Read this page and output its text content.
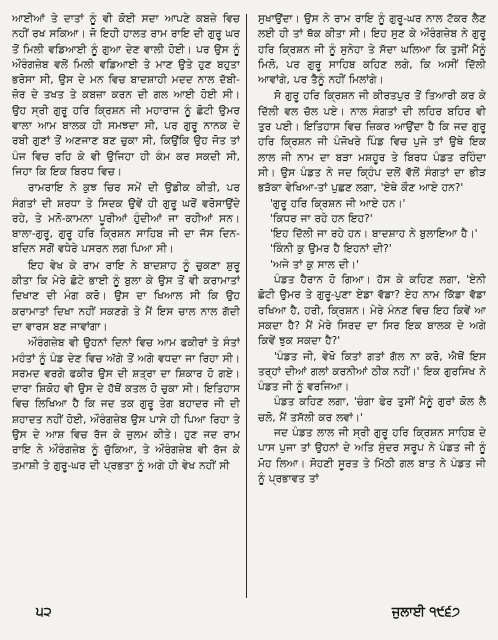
ਆਈਆਂ ਤੇ ਦਾਤਾਂ ਨੂੰ ਵੀ ਕੋਈ ਸਦਾ ਆਪਣੇ ਕਬਜ਼ੇ ਵਿਚ ਨਹੀਂ ਰਖ ਸਕਿਆ। ਜੋ ਇਹੀ ਹਾਲਤ ਰਾਮ ਰਾਇ ਦੀ ਗੁਰੂ ਘਰ ਤੋਂ ਮਿਲੀ ਵਡਿਆਈ ਨੂੰ ਗੁਆ ਦੇਣ ਵਾਲੀ ਹੋਈ। ਪਰ ਉਸ ਨੂੰ ਔਰੰਗਜ਼ੇਬ ਵਲੋਂ ਮਿਲੀ ਵਡਿਆਈ ਤੇ ਮਾਣ ਉਤੇ ਹੁਣ ਬਹੁਤਾ ਭਰੋਸਾ ਸੀ, ਉਸ ਦੇ ਮਨ ਵਿਚ ਬਾਦਸ਼ਾਹੀ ਮਦਦ ਨਾਲ ਦੱਬੀ-ਜ਼ੋਰ ਦੇ ਤਖਤ ਤੇ ਕਬਜ਼ਾ ਕਰਨ ਦੀ ਗਲ ਆਈ ਹੋਈ ਸੀ। ਉਹ ਸ੍ਰੀ ਗੁਰੂ ਹਰਿ ਕ੍ਰਿਸ਼ਨ ਜੀ ਮਹਾਰਾਜ ਨੂੰ ਛੋਟੀ ਉਮਰ ਵਾਲਾ ਆਮ ਬਾਲਕ ਹੀ ਸਮਝਦਾ ਸੀ, ਪਰ ਗੁਰੂ ਨਾਨਕ ਦੇ ਰਬੀ ਗੁਣਾਂ ਤੋਂ ਅਣਜਾਣ ਬਣ ਚੁਕਾ ਸੀ, ਕਿਉਂਕਿ ਉਹ ਜੋਤ ਤਾਂ ਪੰਜ ਵਿਚ ਰਹਿ ਕੇ ਵੀ ਉਜਿਹਾ ਹੀ ਕੰਮ ਕਰ ਸਕਦੀ ਸੀ, ਜਿਹਾ ਕਿ ਇਕ ਬਿਰਧ ਵਿਚ।

ਰਾਮਰਾਇ ਨੇ ਕੁਝ ਚਿਰ ਸਮੇਂ ਦੀ ਉਡੀਕ ਕੀਤੀ, ਪਰ ਸੰਗਤਾਂ ਦੀ ਸ਼ਰਧਾ ਤੇ ਸਿਦਕ ਉਵੇਂ ਹੀ ਗੁਰੂ ਘਰੋਂ ਵਰੋਸਾਉਂਦੇ ਰਹੇ, ਤੇ ਮਨੋ-ਕਾਮਨਾ ਪੂਰੀਆਂ ਹੁੰਦੀਆਂ ਜਾ ਰਹੀਆਂ ਸਨ। ਬਾਲਾ-ਗੁਰੂ, ਗੁਰੂ ਹਰਿ ਕ੍ਰਿਸ਼ਨ ਸਾਹਿਬ ਜੀ ਦਾ ਜੱਸ ਦਿਨ-ਬਦਿਨ ਸਗੋਂ ਵਧੇਰੇ ਪਸਰਨ ਲਗ ਪਿਆ ਸੀ।

ਇਹ ਵੇਖ ਕੇ ਰਾਮ ਰਾਇ ਨੇ ਬਾਦਸ਼ਾਹ ਨੂੰ ਚੁਕਣਾ ਸ਼ੁਰੂ ਕੀਤਾ ਕਿ ਮੇਰੇ ਛੋਟੇ ਭਾਈ ਨੂੰ ਬੁਲਾ ਕੇ ਉਸ ਤੋਂ ਵੀ ਕਰਾਮਾਤਾਂ ਦਿਖਾਣ ਦੀ ਮੰਗ ਕਰੋ। ਉਸ ਦਾ ਖਿਆਲ ਸੀ ਕਿ ਉਹ ਕਰਾਮਾਤਾਂ ਦਿਖਾ ਨਹੀਂ ਸਕਣਗੇ ਤੇ ਮੈਂ ਇਸ ਚਾਲ ਨਾਲ ਗੱਦੀ ਦਾ ਵਾਰਸ ਬਣ ਜਾਵਾਂਗਾ।

ਔਰੰਗਜ਼ੇਬ ਵੀ ਉਹਨਾਂ ਦਿਨਾਂ ਵਿਚ ਆਮ ਫਕੀਰਾਂ ਤੇ ਸੰਤਾਂ ਮਹੰਤਾਂ ਨੂੰ ਪੰਡ ਦੇਣ ਵਿਚ ਅੱਗੇ ਤੋਂ ਅਗੇ ਵਧਦਾ ਜਾ ਰਿਹਾ ਸੀ। ਸਰਮਦ ਵਰਗੇ ਫਕੀਰ ਉਸ ਦੀ ਸ਼ਤ੍ਰਾ ਦਾ ਸ਼ਿਕਾਰ ਹੋ ਗਏ। ਦਾਰਾ ਸ਼ਿਕੋਹ ਵੀ ਉਸ ਦੇ ਹੱਥੋਂ ਕਤਲ ਹੋ ਚੁਕਾ ਸੀ। ਇਤਿਹਾਸ ਵਿਚ ਲਿਖਿਆ ਹੈ ਕਿ ਜਦ ਤਕ ਗੁਰੂ ਤੇਗ ਬਹਾਦਰ ਜੀ ਦੀ ਸ਼ਹਾਦਤ ਨਹੀਂ ਹੋਈ, ਔਰੰਗਜ਼ੇਬ ਉਸ ਪਾਸੇ ਹੀ ਪਿਆ ਰਿਹਾ ਤੇ ਉਸ ਦੇ ਆਸ਼ ਵਿਚ ਰੱਜ ਕੇ ਜ਼ੁਲਮ ਕੀਤੇ। ਹੁਣ ਜਦ ਰਾਮ ਰਾਇ ਨੇ ਔਰੰਗਜ਼ੇਬ ਨੂੰ ਚੁੱਕਿਆ, ਤੇ ਔਰੰਗਜ਼ੇਬ ਵੀ ਰੱਜ ਕੇ ਤਮਾਸ਼ੀ ਤੇ ਗੁਰੂ-ਘਰ ਦੀ ਪ੍ਰਭਤਾ ਨੂੰ ਅਗੇ ਹੀ ਵੇਖ ਨਹੀਂ ਸੀ

ਸੁਖਾਉਂਦਾ। ਉਸ ਨੇ ਰਾਮ ਰਾਇ ਨੂੰ ਗੁਰੂ-ਘਰ ਨਾਲ ਟੱਕਰ ਲੈਣ ਲਈ ਹੀ ਤਾਂ ਥੱਕ ਕੀਤਾ ਸੀ। ਇਹ ਸੁਣ ਕੇ ਔਰੰਗਜ਼ੇਬ ਨੇ ਗੁਰੂ ਹਰਿ ਕ੍ਰਿਸ਼ਨ ਜੀ ਨੂੰ ਸੁਨੇਹਾ ਤੇ ਸੱਦਾ ਘਲਿਆ ਕਿ ਤੁਸੀਂ ਮੈਨੂੰ ਮਿਲੋ, ਪਰ ਗੁਰੂ ਸਾਹਿਬ ਕਹਿਣ ਲਗੇ, ਕਿ ਅਸੀਂ ਦਿੱਲੀ ਆਵਾਂਗੇ, ਪਰ ਤੈਨੂੰ ਨਹੀਂ ਮਿਲਾਂਗੇ।

ਸੋ ਗੁਰੂ ਹਰਿ ਕ੍ਰਿਸ਼ਨ ਜੀ ਕੀਰਤਪੁਰ ਤੋਂ ਤਿਆਰੀ ਕਰ ਕੇ ਦਿੱਲੀ ਵਲ ਚੱਲ ਪਏ। ਨਾਲ ਸੰਗਤਾਂ ਦੀ ਲਹਿਰ ਬਹਿਰ ਵੀ ਤੁਰ ਪਈ। ਇਤਿਹਾਸ ਵਿਚ ਜ਼ਿਕਰ ਆਉਂਦਾ ਹੈ ਕਿ ਜਦ ਗੁਰੂ ਹਰਿ ਕ੍ਰਿਸ਼ਨ ਜੀ ਪੰਜੋਖਰੇ ਪਿੰਡ ਵਿਚ ਪੁਜੇ ਤਾਂ ਉਥੇ ਇਕ ਲਾਲ ਜੀ ਨਾਮ ਦਾ ਬੜਾ ਮਸ਼ਹੂਰ ਤੇ ਬਿਰਧ ਪੰਡਤ ਰਹਿੰਦਾ ਸੀ। ਉਸ ਪੰਡਤ ਨੇ ਜਦ ਕ੍ਹਿੰਪ ਦਲੋਂ ਵੱਲੋਂ ਸੰਗਤਾਂ ਦਾ ਭੀੜ ਭੜੱਕਾ ਵੇਖਿਆ-ਤਾਂ ਪੁਛਣ ਲਗਾ, 'ਏਥੇ ਕੌਣ ਆਏ ਹਨ?'

'ਗੁਰੂ ਹਰਿ ਕ੍ਰਿਸ਼ਨ ਜੀ ਆਏ ਹਨ।'

'ਕਿਧਰ ਜਾ ਰਹੇ ਹਨ ਇਹ?'

'ਇਹ ਦਿੱਲੀ ਜਾ ਰਹੇ ਹਨ। ਬਾਦਸ਼ਾਹ ਨੇ ਬੁਲਾਇਆ ਹੈ।'

'ਕਿੰਨੀ ਕੁ ਉਮਰ ਹੈ ਇਹਨਾਂ ਦੀ?'

'ਅਜੇ ਤਾਂ ਕੁ ਸਾਲ ਦੀ।'

ਪੰਡਤ ਹੈਰਾਨ ਹੋ ਗਿਆ। ਹੱਸ ਕੇ ਕਹਿਣ ਲਗਾ, 'ਏਨੀ ਛੋਟੀ ਉਮਰ ਤੇ ਗੁਰੂ-ਪੁਣਾ ਏਡਾ ਵੱਡਾ? ਏਹ ਨਾਮ ਕਿੱਡਾ ਵੱਡਾ ਰਖਿਆ ਹੈ, ਹਰੀ, ਕ੍ਰਿਸ਼ਨ। ਮੇਰੇ ਮੰਨਣ ਵਿਚ ਇਹ ਕਿਵੇਂ ਆ ਸਕਦਾ ਹੈ? ਮੈਂ ਮੇਰੇ ਸਿਰਦ ਦਾ ਸਿਰ ਇਕ ਬਾਲਕ ਦੇ ਅਗੇ ਕਿਵੇਂ ਝੁਕ ਸਕਦਾ ਹੈ?'

'ਪੰਡਤ ਜੀ, ਵੇਖੋ ਕਿਤਾਂ ਗਤਾਂ ਗੱਲ ਨਾ ਕਰੋ, ਐਥੋਂ ਇਸ ਤਰ੍ਹਾਂ ਦੀਆਂ ਗਲਾਂ ਕਰਨੀਆਂ ਠੀਕ ਨਹੀਂ।' ਇਕ ਗੁਰਸਿਖ ਨੇ ਪੰਡਤ ਜੀ ਨੂੰ ਵਰਜਿਆ।

ਪੰਡਤ ਕਹਿਣ ਲਗਾ, 'ਚੰਗਾ ਫੇਰ ਤੁਸੀਂ ਮੈਨੂੰ ਗੁਰਾਂ ਕੋਲ ਲੈ ਚਲੋ, ਮੈਂ ਤਸੱਲੀ ਕਰ ਲਵਾਂ।'

ਜਦ ਪੰਡਤ ਲਾਲ ਜੀ ਸ੍ਰੀ ਗੁਰੂ ਹਰਿ ਕ੍ਰਿਸ਼ਨ ਸਾਹਿਬ ਦੇ ਪਾਸ ਪੁਜਾ ਤਾਂ ਉਹਨਾਂ ਦੇ ਅਤਿ ਸੁੰਦਰ ਸਰੂਪ ਨੇ ਪੰਡਤ ਜੀ ਨੂੰ ਮੋਹ ਲਿਆ। ਸੋਹਣੀ ਸੂਰਤ ਤੇ ਮਿੱਠੀ ਗਲ ਬਾਤ ਨੇ ਪੰਡਤ ਜੀ ਨੂੰ ਪ੍ਰਭਾਵਤ ਤਾਂ

੫੨	ਜੁਲਾਈ ੧੯੬੭
